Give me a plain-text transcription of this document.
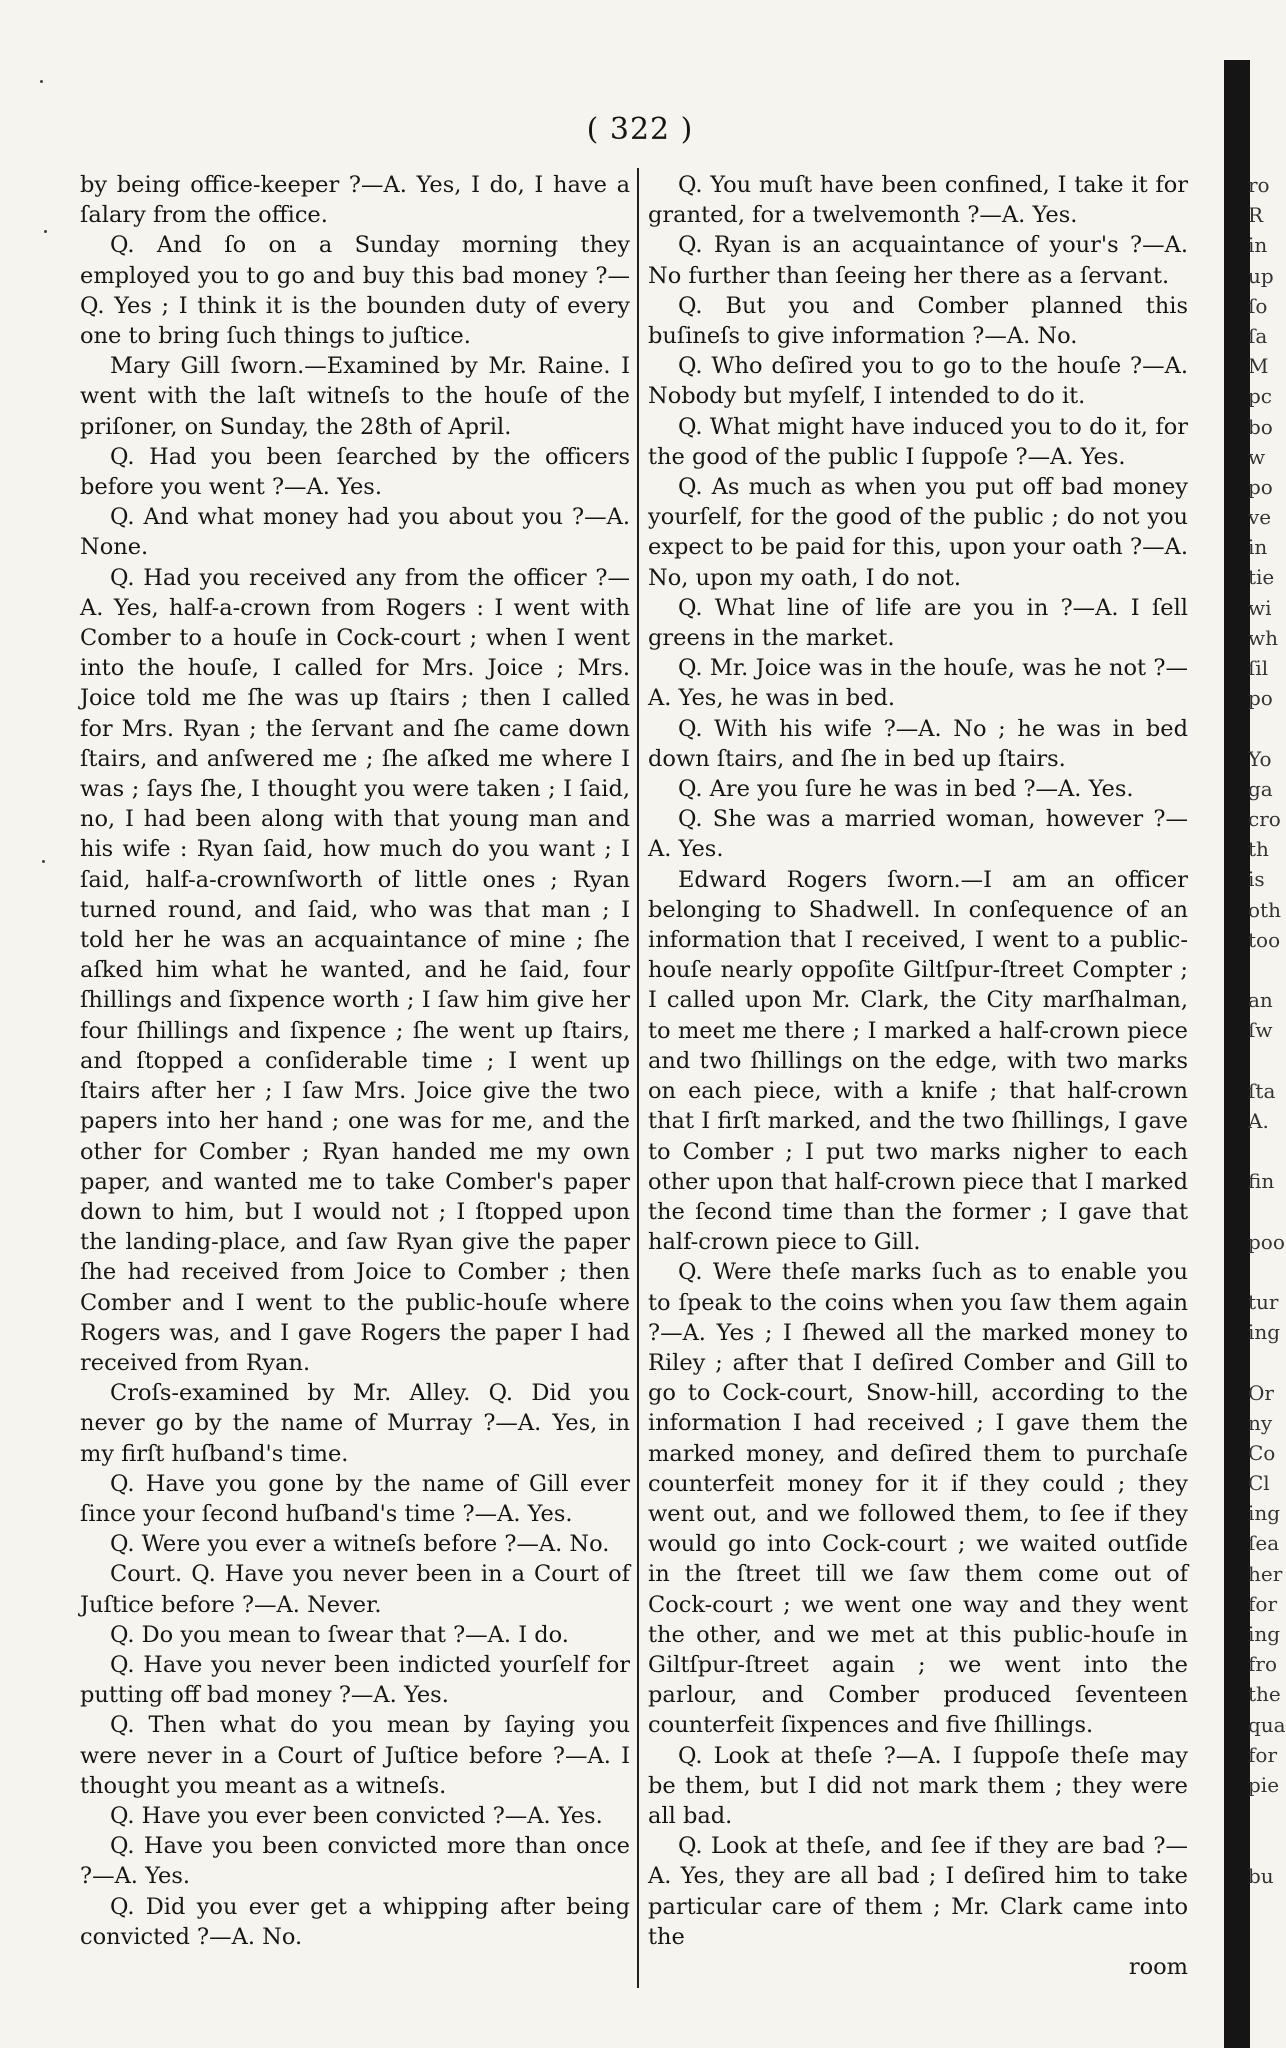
( 322 )

by being office-keeper ?—A. Yes, I do, I have a ſalary from the office.

Q. And ſo on a Sunday morning they employed you to go and buy this bad money ?—Q. Yes ; I think it is the bounden duty of every one to bring ſuch things to juſtice.

Mary Gill ſworn.—Examined by Mr. Raine. I went with the laſt witneſs to the houſe of the priſoner, on Sunday, the 28th of April.

Q. Had you been ſearched by the officers before you went ?—A. Yes.

Q. And what money had you about you ?—A. None.

Q. Had you received any from the officer ?—A. Yes, half-a-crown from Rogers : I went with Comber to a houſe in Cock-court ; when I went into the houſe, I called for Mrs. Joice ; Mrs. Joice told me ſhe was up ſtairs ; then I called for Mrs. Ryan ; the ſervant and ſhe came down ſtairs, and anſwered me ; ſhe aſked me where I was ; ſays ſhe, I thought you were taken ; I ſaid, no, I had been along with that young man and his wife : Ryan ſaid, how much do you want ; I ſaid, half-a-crownſworth of little ones ; Ryan turned round, and ſaid, who was that man ; I told her he was an acquaintance of mine ; ſhe aſked him what he wanted, and he ſaid, four ſhillings and ſixpence worth ; I ſaw him give her four ſhillings and ſixpence ; ſhe went up ſtairs, and ſtopped a conſiderable time ; I went up ſtairs after her ; I ſaw Mrs. Joice give the two papers into her hand ; one was for me, and the other for Comber ; Ryan handed me my own paper, and wanted me to take Comber's paper down to him, but I would not ; I ſtopped upon the landing-place, and ſaw Ryan give the paper ſhe had received from Joice to Comber ; then Comber and I went to the public-houſe where Rogers was, and I gave Rogers the paper I had received from Ryan.

Croſs-examined by Mr. Alley. Q. Did you never go by the name of Murray ?—A. Yes, in my firſt huſband's time.

Q. Have you gone by the name of Gill ever ſince your ſecond huſband's time ?—A. Yes.

Q. Were you ever a witneſs before ?—A. No.

Court. Q. Have you never been in a Court of Juſtice before ?—A. Never.

Q. Do you mean to ſwear that ?—A. I do.

Q. Have you never been indicted yourſelf for putting off bad money ?—A. Yes.

Q. Then what do you mean by ſaying you were never in a Court of Juſtice before ?—A. I thought you meant as a witneſs.

Q. Have you ever been convicted ?—A. Yes.

Q. Have you been convicted more than once ?—A. Yes.

Q. Did you ever get a whipping after being convicted ?—A. No.

Q. You muſt have been confined, I take it for granted, for a twelvemonth ?—A. Yes.

Q. Ryan is an acquaintance of your's ?—A. No further than ſeeing her there as a ſervant.

Q. But you and Comber planned this buſineſs to give information ?—A. No.

Q. Who deſired you to go to the houſe ?—A. Nobody but myſelf, I intended to do it.

Q. What might have induced you to do it, for the good of the public I ſuppoſe ?—A. Yes.

Q. As much as when you put off bad money yourſelf, for the good of the public ; do not you expect to be paid for this, upon your oath ?—A. No, upon my oath, I do not.

Q. What line of life are you in ?—A. I ſell greens in the market.

Q. Mr. Joice was in the houſe, was he not ?—A. Yes, he was in bed.

Q. With his wife ?—A. No ; he was in bed down ſtairs, and ſhe in bed up ſtairs.

Q. Are you ſure he was in bed ?—A. Yes.

Q. She was a married woman, however ?—A. Yes.

Edward Rogers ſworn.—I am an officer belonging to Shadwell. In conſequence of an information that I received, I went to a public-houſe nearly oppoſite Giltſpur-ſtreet Compter ; I called upon Mr. Clark, the City marſhalman, to meet me there ; I marked a half-crown piece and two ſhillings on the edge, with two marks on each piece, with a knife ; that half-crown that I firſt marked, and the two ſhillings, I gave to Comber ; I put two marks nigher to each other upon that half-crown piece that I marked the ſecond time than the former ; I gave that half-crown piece to Gill.

Q. Were theſe marks ſuch as to enable you to ſpeak to the coins when you ſaw them again ?—A. Yes ; I ſhewed all the marked money to Riley ; after that I deſired Comber and Gill to go to Cock-court, Snow-hill, according to the information I had received ; I gave them the marked money, and deſired them to purchaſe counterfeit money for it if they could ; they went out, and we followed them, to ſee if they would go into Cock-court ; we waited outſide in the ſtreet till we ſaw them come out of Cock-court ; we went one way and they went the other, and we met at this public-houſe in Giltſpur-ſtreet again ; we went into the parlour, and Comber produced ſeventeen counterfeit ſixpences and five ſhillings.

Q. Look at theſe ?—A. I ſuppoſe theſe may be them, but I did not mark them ; they were all bad.

Q. Look at theſe, and ſee if they are bad ?—A. Yes, they are all bad ; I deſired him to take particular care of them ; Mr. Clark came into the

room

ro
R
in
up
ſo
ſa
M
pc
bo
w
po
ve
in
tie
wi
wh
ſil
po
Yo
ga
cro
th
is
oth
too
an
ſw
ſta
A.
fin
poo
tur
ing
Or
ny
Co
Cl
ing
ſea
her
for
ing
fro
the
qua
for
pie
bu
